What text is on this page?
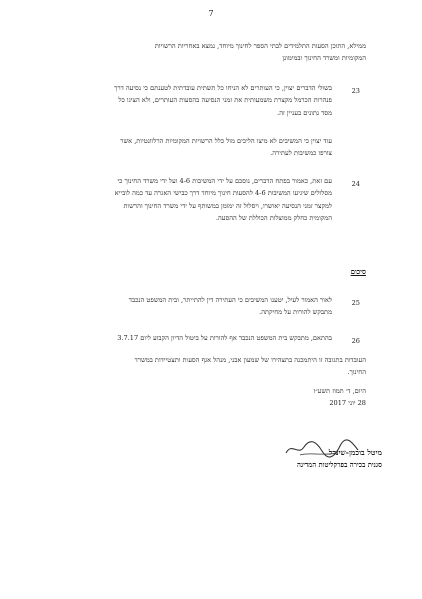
7
ממילא, התוכן הסעות התלמידים לבתי הספר לחינוך מיוחד, נמצא באחריות הרשויות
המקומיות ומשרד החינוך ובמימונן
23
בשולי הדברים יצוין, כי העותרים לא הניחו כל תשתית עובדתית לטענתם כי נסיעה דרך
פנהרות הכרמל מקצרת משמעותית את זמני הנסיעה בהסעות העותרים, ולא הציגו כל
מסד נתונים בעניין זה.
עוד יצוין כי המשיבים לא מיצו הליכים מול כלל הרשויות המקומיות הרלוונטיות, אשר
צורפו כמשיבות לעתירה.
24
עם זאת, כאמור בפתח הדברים, נוסכם על ידי המשיבות 4-6 ועל ידי משרד החינוך כי
מסלולים שיגיעו המשיבות 4-6 להסעות חינוך מיוחד דרך כבישי האגרה עד כמה לובייא
למקצר זמני הנסיעה יאושרו, ויסלול זה ימומן במשותף על ידי משרד החינוך והרשות
המקומית כחלק ממוצלות הכוללת של ההסעה.
סיכום
25
לאור האמור לעיל, יטענו המשיבים כי העתירה דין להתייתר, ובית המשפט הנכבד
מתבקש להורות על מחיקתה.
26
בהתאם, מתבקש בית המשפט הנכבד אף להורות על ביטול הדיון הקבוע ליום 3.7.17
העובדות בתגובה זו היתמכנה בתצהירו של שמעון אבני, מנהל אגף הסעות ותצטיידות במשרד
החינוך.
היום, ד׳ תמוז תשע״ז
28 יוני 2017
מיטל בוכמן-שינדל
סגנית בכירה בפרקליטות המדינה
